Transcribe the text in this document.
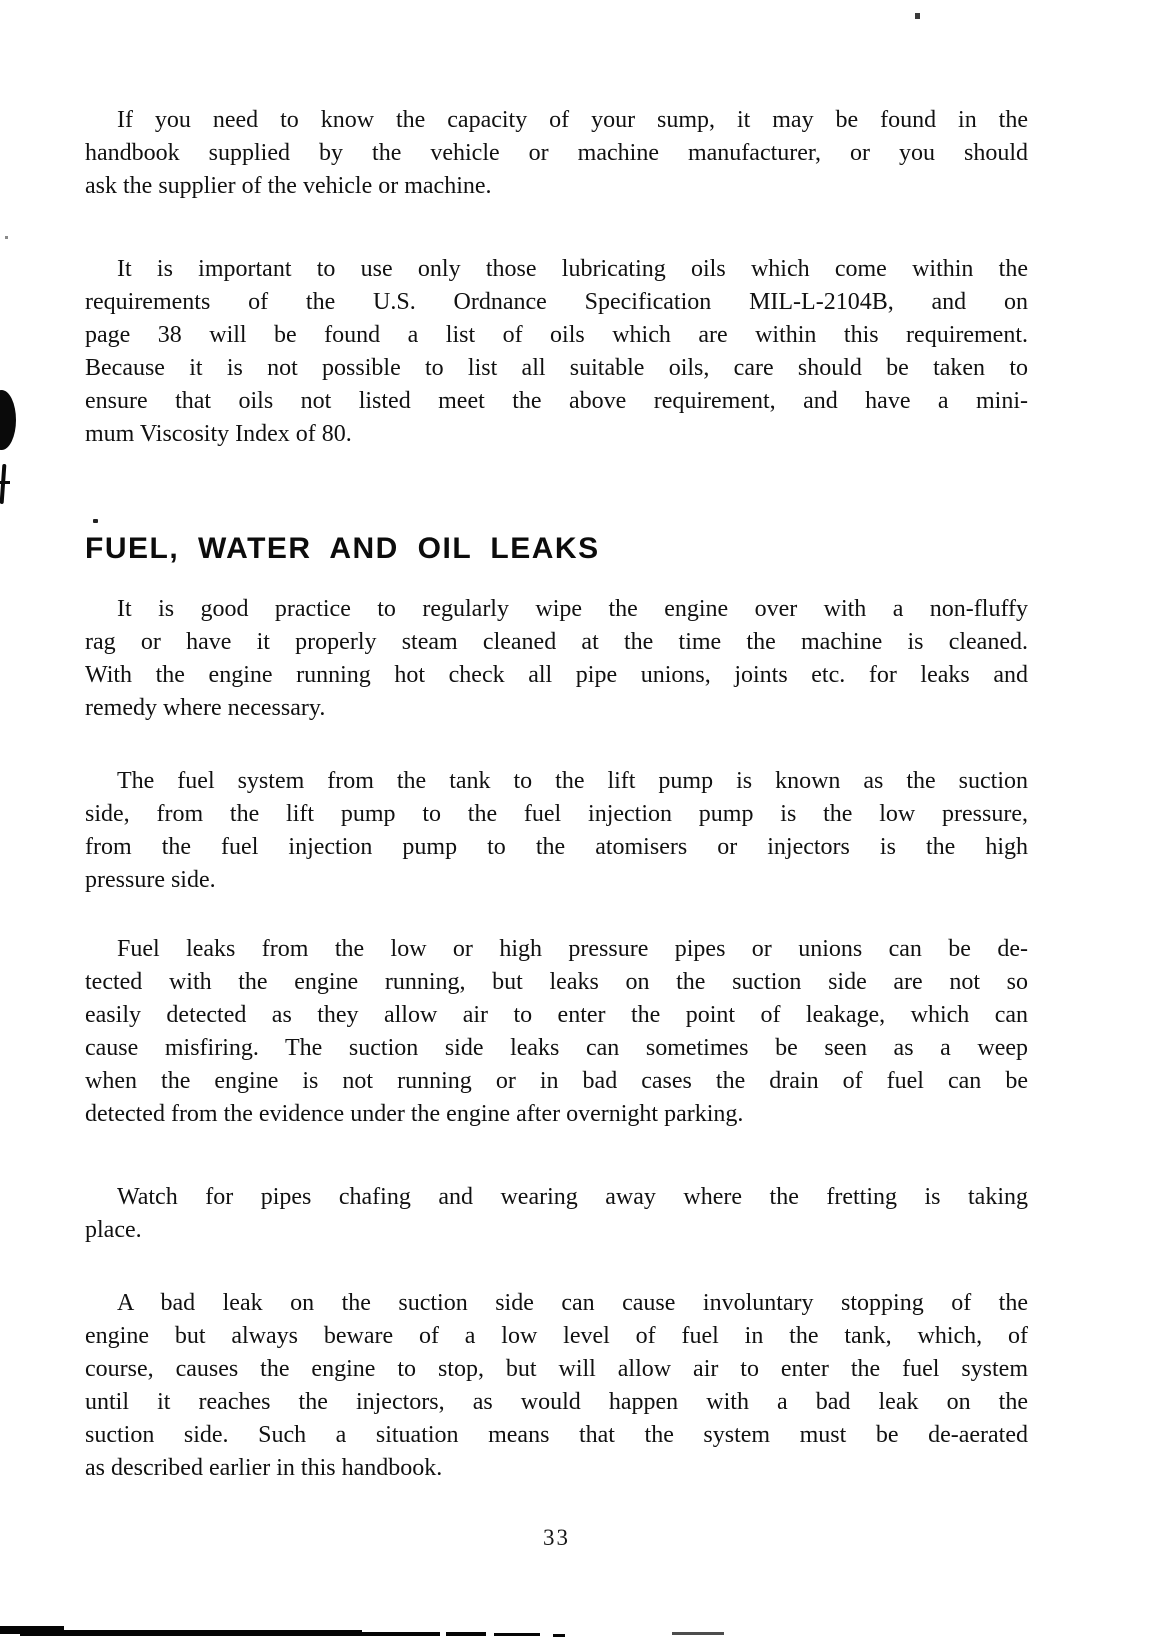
If you need to know the capacity of your sump, it may be found in the
handbook supplied by the vehicle or machine manufacturer, or you should
ask the supplier of the vehicle or machine.
It is important to use only those lubricating oils which come within the
requirements of the U.S. Ordnance Specification MIL-L-2104B, and on
page 38 will be found a list of oils which are within this requirement.
Because it is not possible to list all suitable oils, care should be taken to
ensure that oils not listed meet the above requirement, and have a mini-
mum Viscosity Index of 80.
FUEL, WATER AND OIL LEAKS
It is good practice to regularly wipe the engine over with a non-fluffy
rag or have it properly steam cleaned at the time the machine is cleaned.
With the engine running hot check all pipe unions, joints etc. for leaks and
remedy where necessary.
The fuel system from the tank to the lift pump is known as the suction
side, from the lift pump to the fuel injection pump is the low pressure,
from the fuel injection pump to the atomisers or injectors is the high
pressure side.
Fuel leaks from the low or high pressure pipes or unions can be de-
tected with the engine running, but leaks on the suction side are not so
easily detected as they allow air to enter the point of leakage, which can
cause misfiring. The suction side leaks can sometimes be seen as a weep
when the engine is not running or in bad cases the drain of fuel can be
detected from the evidence under the engine after overnight parking.
Watch for pipes chafing and wearing away where the fretting is taking
place.
A bad leak on the suction side can cause involuntary stopping of the
engine but always beware of a low level of fuel in the tank, which, of
course, causes the engine to stop, but will allow air to enter the fuel system
until it reaches the injectors, as would happen with a bad leak on the
suction side. Such a situation means that the system must be de-aerated
as described earlier in this handbook.
33
